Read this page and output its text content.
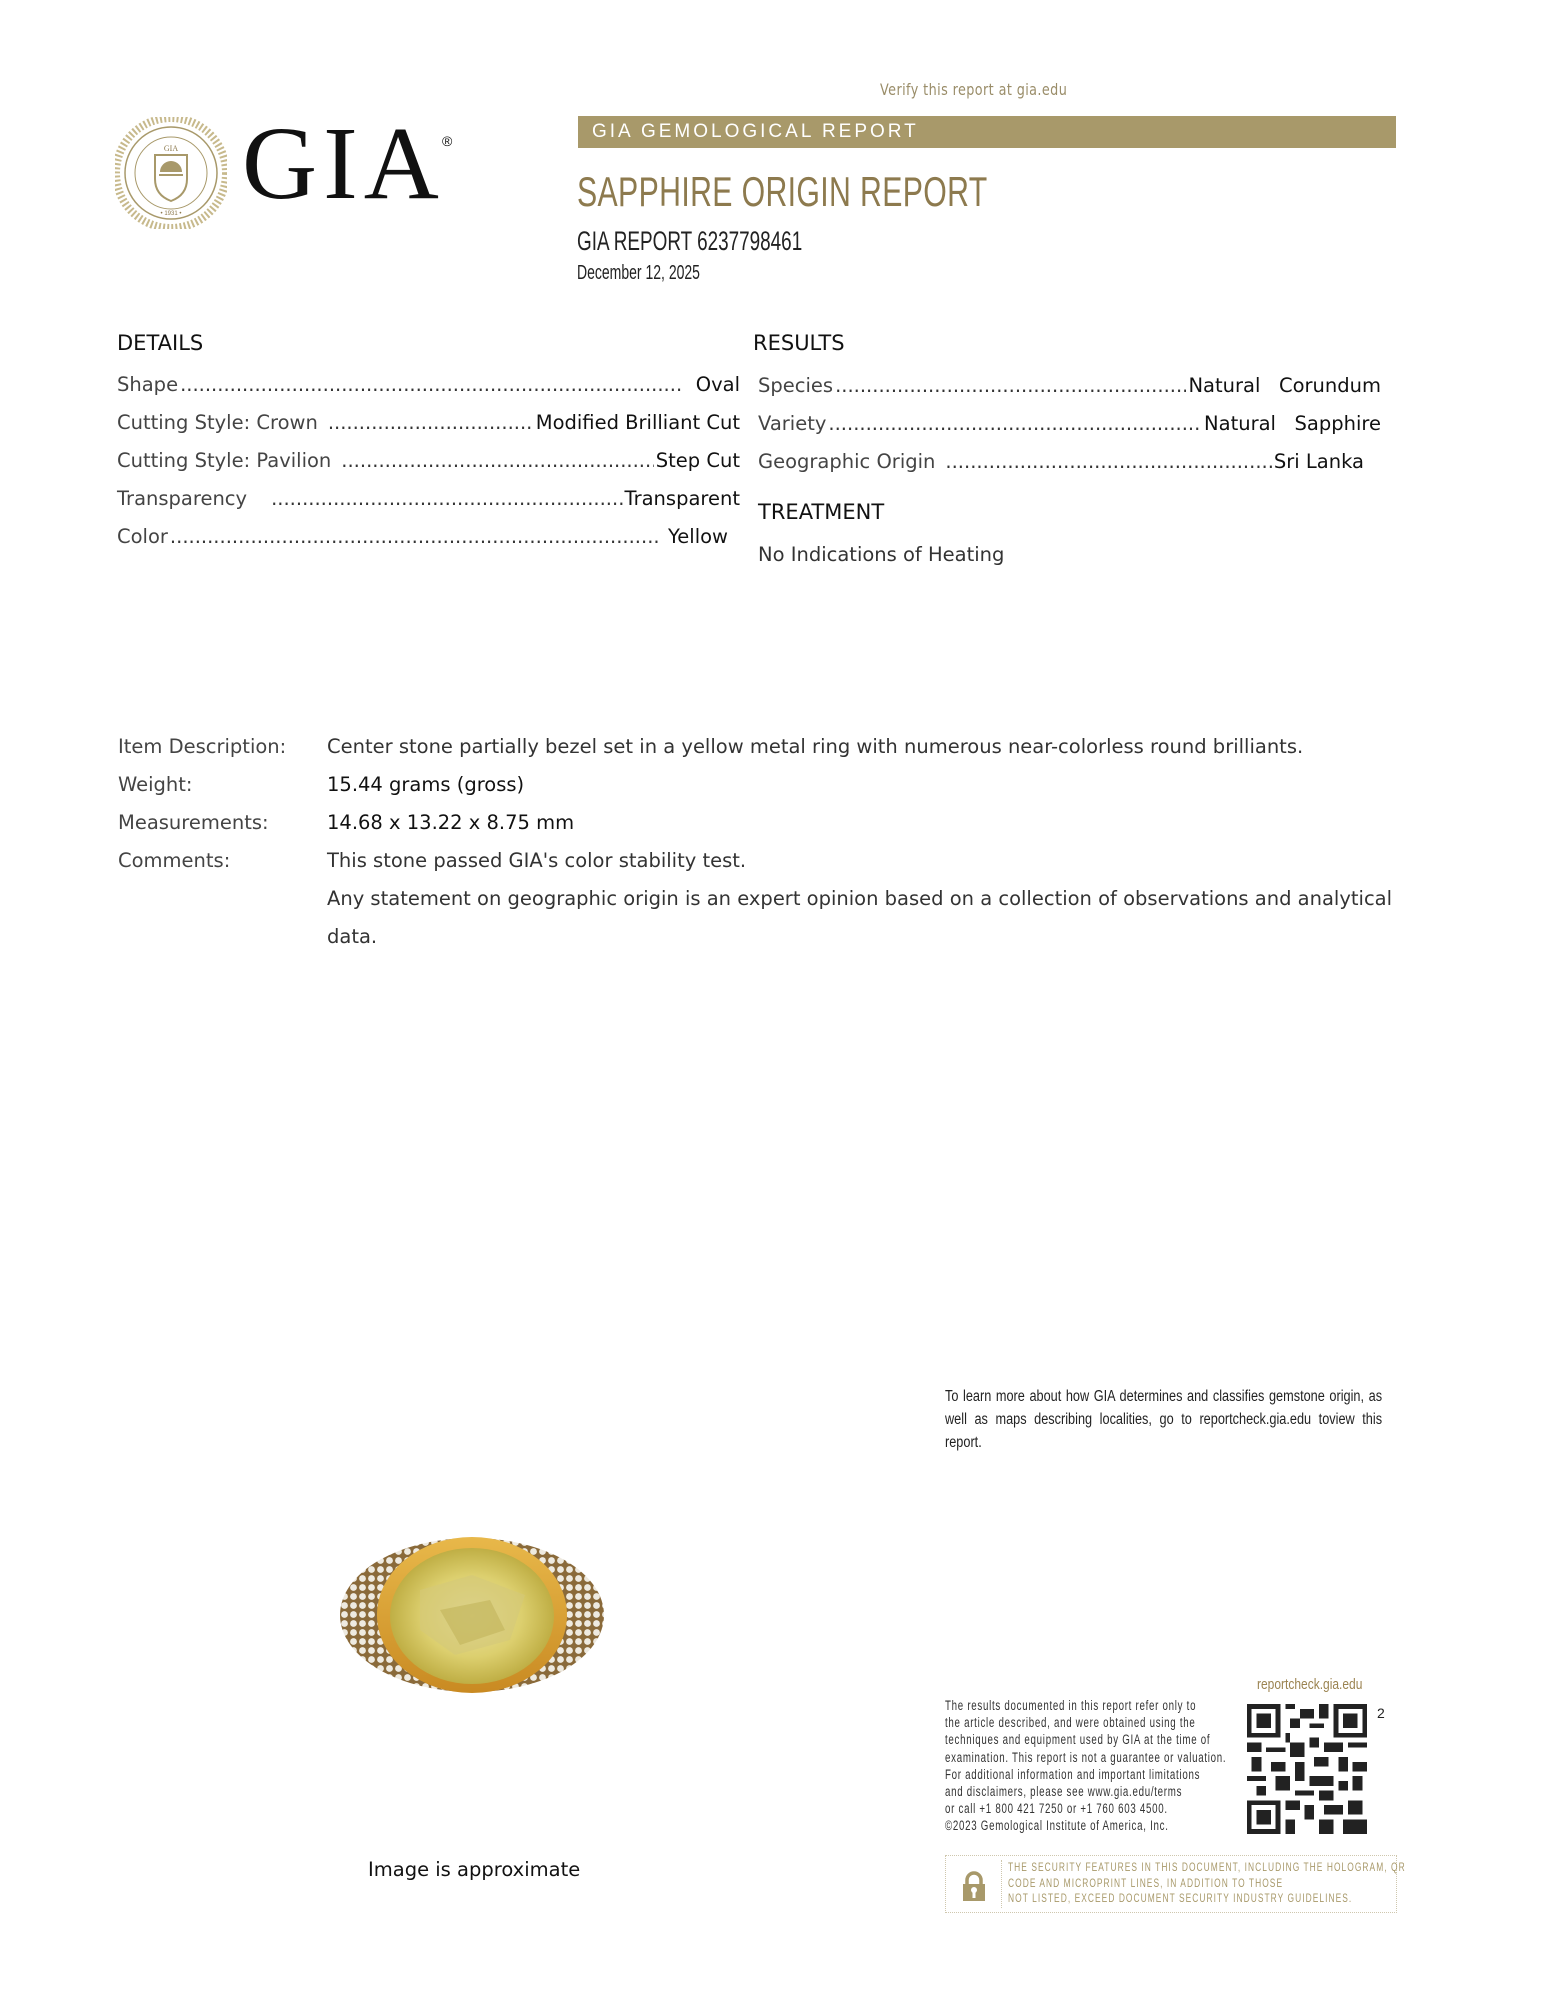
Verify this report at gia.edu
GIA
• 1931 • GIA
®	GIA GEMOLOGICAL REPORT
SAPPHIRE ORIGIN REPORT
GIA REPORT 6237798461
December 12, 2025
DETAILS
Shape .....	Oval
Cutting Style: Crown .....	Modified Brilliant Cut
Cutting Style: Pavilion .....	Step Cut
Transparency .....	Transparent
Color .....	Yellow
RESULTS
Species .....	Natural   Corundum
Variety .....	Natural   Sapphire
Geographic Origin .....	Sri Lanka
TREATMENT
No Indications of Heating
Item Description: Center stone partially bezel set in a yellow metal ring with numerous near-colorless round brilliants.
Weight:	15.44 grams (gross)
Measurements:	14.68 x 13.22 x 8.75 mm
Comments:	This stone passed GIA's color stability test.
Any statement on geographic origin is an expert opinion based on a collection of observations and analytical
data.
To learn more about how GIA determines and classifies gemstone origin, as well as maps describing localities, go to reportcheck.gia.edu toview this report.
Image is approximate
reportcheck.gia.edu
The results documented in this report refer only to
the article described, and were obtained using the
techniques and equipment used by GIA at the time of
examination. This report is not a guarantee or valuation.
For additional information and important limitations
and disclaimers, please see www.gia.edu/terms
or call +1 800 421 7250 or +1 760 603 4500.
©2023 Gemological Institute of America, Inc.
2
THE SECURITY FEATURES IN THIS DOCUMENT, INCLUDING THE HOLOGRAM, QR
CODE AND MICROPRINT LINES, IN ADDITION TO THOSE
NOT LISTED, EXCEED DOCUMENT SECURITY INDUSTRY GUIDELINES.
